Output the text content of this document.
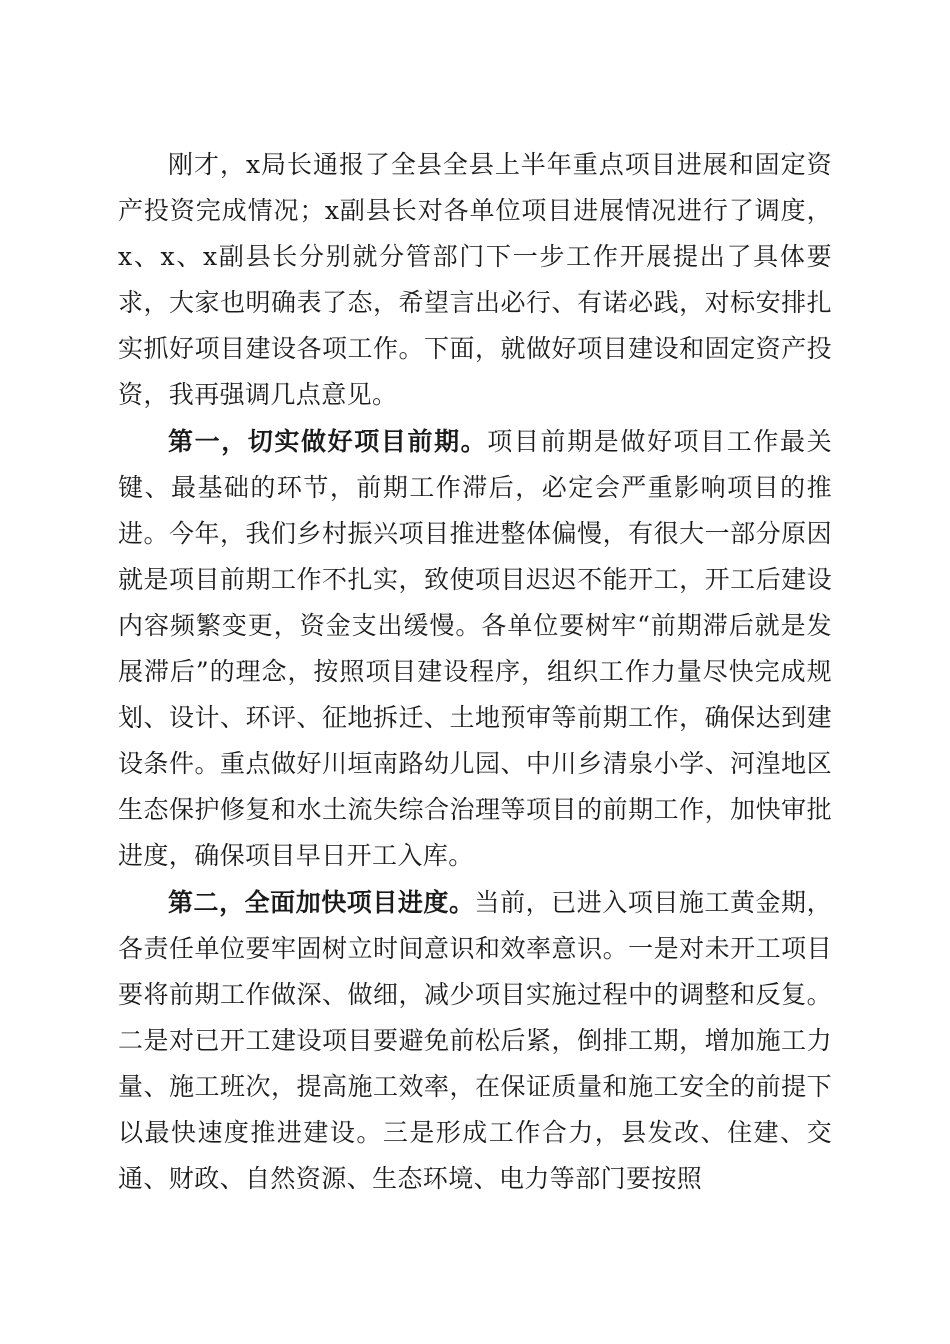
刚才，x局长通报了全县全县上半年重点项目进展和固定资产投资完成情况；x副县长对各单位项目进展情况进行了调度，x、x、x副县长分别就分管部门下一步工作开展提出了具体要求，大家也明确表了态，希望言出必行、有诺必践，对标安排扎实抓好项目建设各项工作。下面，就做好项目建设和固定资产投资，我再强调几点意见。

第一，切实做好项目前期。项目前期是做好项目工作最关键、最基础的环节，前期工作滞后，必定会严重影响项目的推进。今年，我们乡村振兴项目推进整体偏慢，有很大一部分原因就是项目前期工作不扎实，致使项目迟迟不能开工，开工后建设内容频繁变更，资金支出缓慢。各单位要树牢“前期滞后就是发展滞后”的理念，按照项目建设程序，组织工作力量尽快完成规划、设计、环评、征地拆迁、土地预审等前期工作，确保达到建设条件。重点做好川垣南路幼儿园、中川乡清泉小学、河湟地区生态保护修复和水土流失综合治理等项目的前期工作，加快审批进度，确保项目早日开工入库。

第二，全面加快项目进度。当前，已进入项目施工黄金期，各责任单位要牢固树立时间意识和效率意识。一是对未开工项目要将前期工作做深、做细，减少项目实施过程中的调整和反复。二是对已开工建设项目要避免前松后紧，倒排工期，增加施工力量、施工班次，提高施工效率，在保证质量和施工安全的前提下以最快速度推进建设。三是形成工作合力，县发改、住建、交通、财政、自然资源、生态环境、电力等部门要按照
